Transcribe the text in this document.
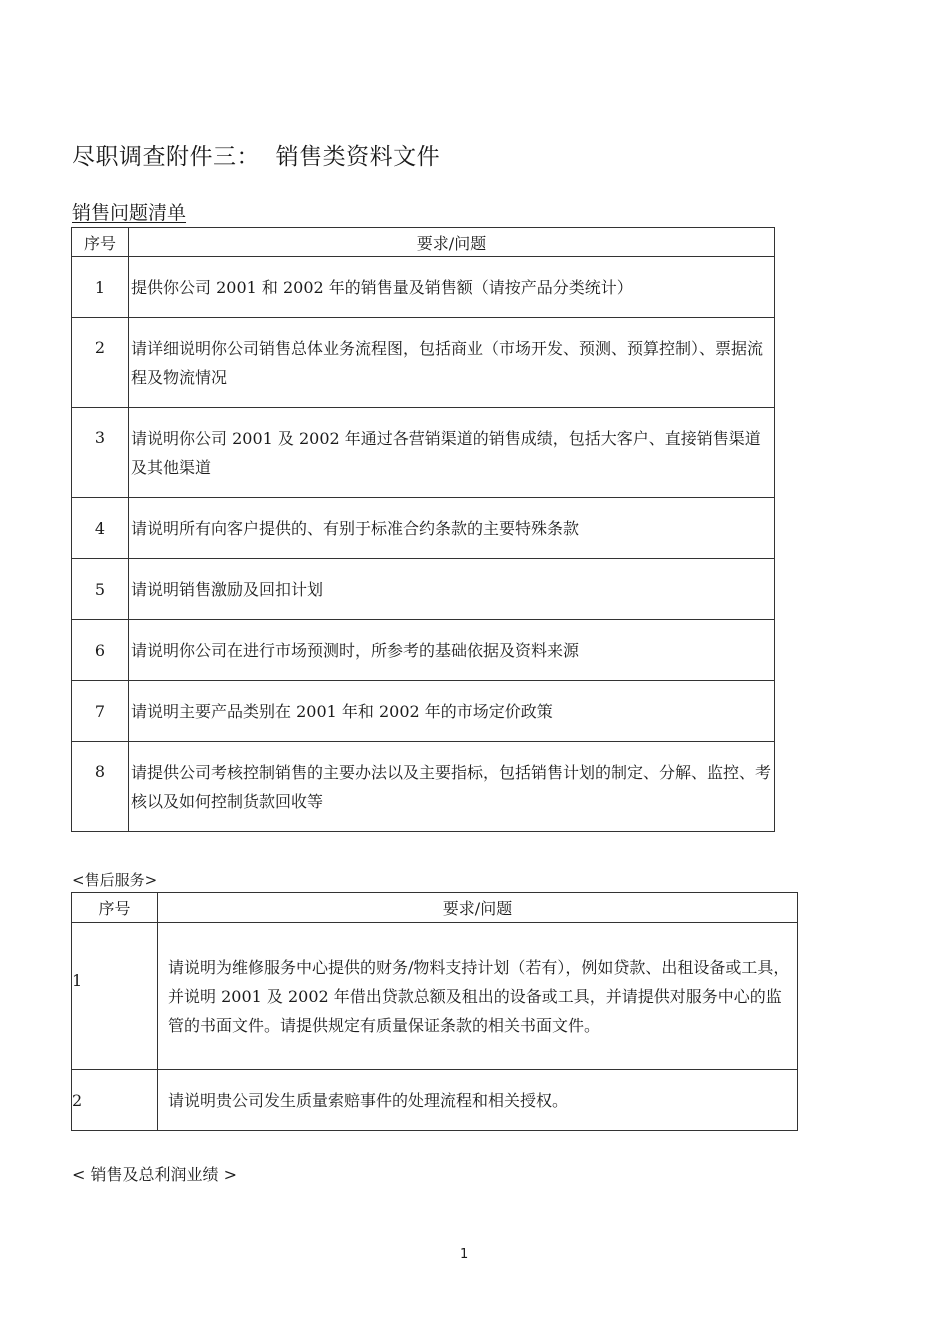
尽职调查附件三：  销售类资料文件
销售问题清单
序号	要求/问题
1	提供你公司 2001 和 2002 年的销售量及销售额（请按产品分类统计）
2	请详细说明你公司销售总体业务流程图，包括商业（市场开发、预测、预算控制）、票据流程及物流情况
3	请说明你公司 2001 及 2002 年通过各营销渠道的销售成绩，包括大客户、直接销售渠道及其他渠道
4	请说明所有向客户提供的、有别于标准合约条款的主要特殊条款
5	请说明销售激励及回扣计划
6	请说明你公司在进行市场预测时，所参考的基础依据及资料来源
7	请说明主要产品类别在 2001 年和 2002 年的市场定价政策
8	请提供公司考核控制销售的主要办法以及主要指标，包括销售计划的制定、分解、监控、考核以及如何控制货款回收等
<售后服务>
序号	要求/问题
1	请说明为维修服务中心提供的财务/物料支持计划（若有），例如贷款、出租设备或工具，并说明 2001 及 2002 年借出贷款总额及租出的设备或工具，并请提供对服务中心的监管的书面文件。请提供规定有质量保证条款的相关书面文件。
2	请说明贵公司发生质量索赔事件的处理流程和相关授权。
< 销售及总利润业绩 >
1
